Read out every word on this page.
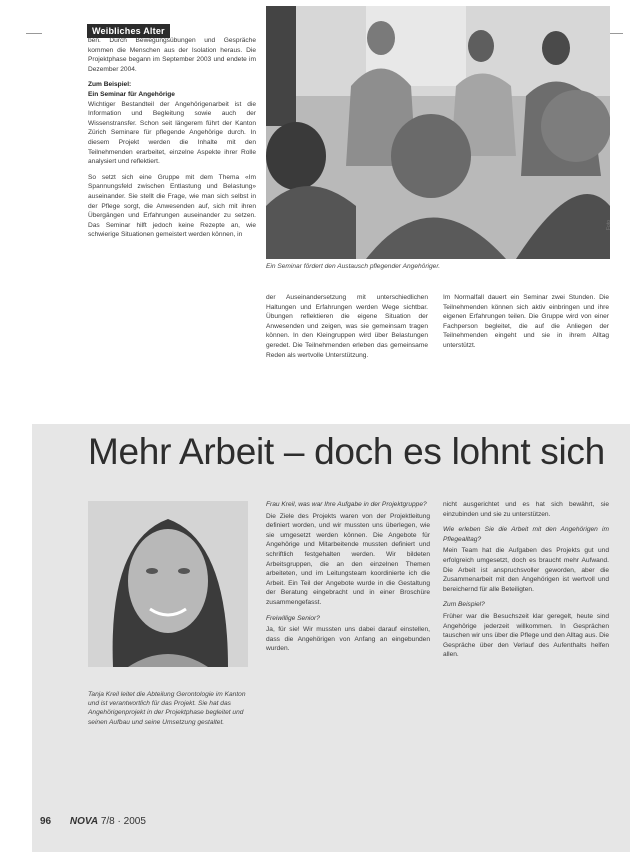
Weibliches Alter

ben. Durch Bewegungsübungen und Gespräche kommen die Menschen aus der Isolation heraus. Die Projektphase begann im September 2003 und endete im Dezember 2004.

Zum Beispiel:

Ein Seminar für Angehörige

Wichtiger Bestandteil der Angehörigenarbeit ist die Information und Begleitung sowie auch der Wissenstransfer. Schon seit längerem führt der Kanton Zürich Seminare für pflegende Angehörige durch. In diesem Projekt werden die Inhalte mit den Teilnehmenden erarbeitet, einzelne Aspekte ihrer Rolle analysiert und reflektiert.

So setzt sich eine Gruppe mit dem Thema «Im Spannungsfeld zwischen Entlastung und Belastung» auseinander. Sie stellt die Frage, wie man sich selbst in der Pflege sorgt, die Anwesenden auf, sich mit ihren Übergängen und Erfahrungen auseinander zu setzen. Das Seminar hilft jedoch keine Rezepte an, wie schwierige Situationen gemeistert werden können, in

Foto
Ein Seminar fördert den Austausch pflegender Angehöriger.

der Auseinandersetzung mit unterschiedlichen Haltungen und Erfahrungen werden Wege sichtbar. Übungen reflektieren die eigene Situation der Anwesenden und zeigen, was sie gemeinsam tragen können. In den Kleingruppen wird über Belastungen geredet. Die Teilnehmenden erleben das gemeinsame Reden als wertvolle Unterstützung.

Im Normalfall dauert ein Seminar zwei Stunden. Die Teilnehmenden können sich aktiv einbringen und ihre eigenen Erfahrungen teilen. Die Gruppe wird von einer Fachperson begleitet, die auf die Anliegen der Teilnehmenden eingeht und sie in ihrem Alltag unterstützt.

Mehr Arbeit – doch es lohnt sich
Tanja Kreil leitet die Abteilung Gerontologie im Kanton und ist verantwortlich für das Projekt. Sie hat das Angehörigenprojekt in der Projektphase begleitet und seinen Aufbau und seine Umsetzung gestaltet.

Frau Kreil, was war Ihre Aufgabe in der Projektgruppe?

Die Ziele des Projekts waren von der Projektleitung definiert worden, und wir mussten uns überlegen, wie sie umgesetzt werden können. Die Angebote für Angehörige und Mitarbeitende mussten definiert und schriftlich festgehalten werden. Wir bildeten Arbeitsgruppen, die an den einzelnen Themen arbeiteten, und im Leitungsteam koordinierte ich die Arbeit. Ein Teil der Angebote wurde in die Gestaltung der Beratung eingebracht und in einer Broschüre zusammengefasst.

Freiwillige Senior?

Ja, für sie! Wir mussten uns dabei darauf einstellen, dass die Angehörigen von Anfang an eingebunden wurden.

nicht ausgerichtet und es hat sich bewährt, sie einzubinden und sie zu unterstützen.

Wie erleben Sie die Arbeit mit den Angehörigen im Pflegealltag?

Mein Team hat die Aufgaben des Projekts gut und erfolgreich umgesetzt, doch es braucht mehr Aufwand. Die Arbeit ist anspruchsvoller geworden, aber die Zusammenarbeit mit den Angehörigen ist wertvoll und bereichernd für alle Beteiligten.

Zum Beispiel?

Früher war die Besuchszeit klar geregelt, heute sind Angehörige jederzeit willkommen. In Gesprächen tauschen wir uns über die Pflege und den Alltag aus. Die Gespräche über den Verlauf des Aufenthalts helfen allen.

96 NOVA 7/8 · 2005
